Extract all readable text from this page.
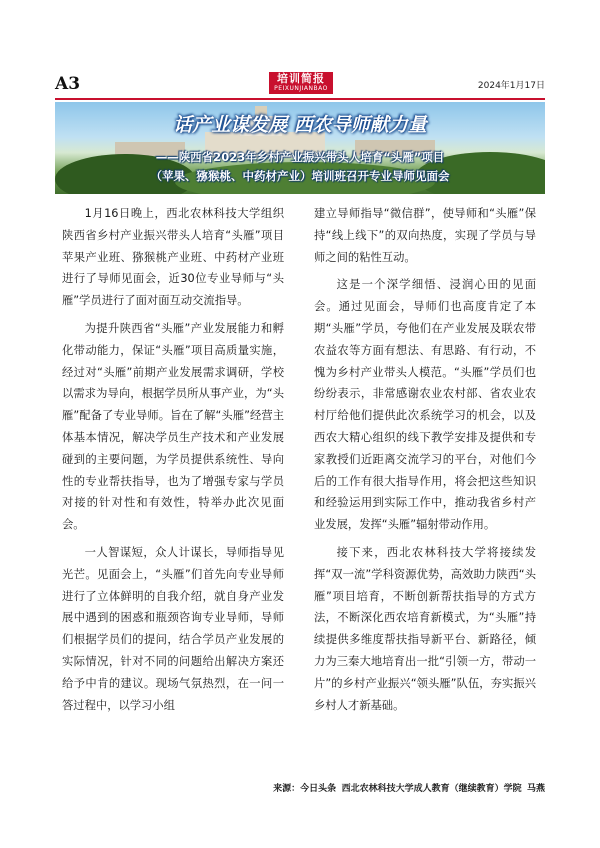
A3	培训简报
PEIXUNJIANBAO	2024年1月17日
话产业谋发展 西农导师献力量
——陕西省2023年乡村产业振兴带头人培育“头雁”项目
（苹果、猕猴桃、中药材产业）培训班召开专业导师见面会

1月16日晚上，西北农林科技大学组织陕西省乡村产业振兴带头人培育“头雁”项目苹果产业班、猕猴桃产业班、中药材产业班进行了导师见面会，近30位专业导师与“头雁”学员进行了面对面互动交流指导。

为提升陕西省“头雁”产业发展能力和孵化带动能力，保证“头雁”项目高质量实施，经过对“头雁”前期产业发展需求调研，学校以需求为导向，根据学员所从事产业，为“头雁”配备了专业导师。旨在了解“头雁”经营主体基本情况，解决学员生产技术和产业发展碰到的主要问题，为学员提供系统性、导向性的专业帮扶指导，也为了增强专家与学员对接的针对性和有效性，特举办此次见面会。

一人智谋短，众人计谋长，导师指导见光芒。见面会上，“头雁”们首先向专业导师进行了立体鲜明的自我介绍，就自身产业发展中遇到的困惑和瓶颈咨询专业导师，导师们根据学员们的提问，结合学员产业发展的实际情况，针对不同的问题给出解决方案还给予中肯的建议。现场气氛热烈，在一问一答过程中，以学习小组

建立导师指导“微信群”，使导师和“头雁”保持“线上线下”的双向热度，实现了学员与导师之间的粘性互动。

这是一个深学细悟、浸润心田的见面会。通过见面会，导师们也高度肯定了本期“头雁”学员，夸他们在产业发展及联农带农益农等方面有想法、有思路、有行动，不愧为乡村产业带头人模范。“头雁”学员们也纷纷表示，非常感谢农业农村部、省农业农村厅给他们提供此次系统学习的机会，以及西农大精心组织的线下教学安排及提供和专家教授们近距离交流学习的平台，对他们今后的工作有很大指导作用，将会把这些知识和经验运用到实际工作中，推动我省乡村产业发展，发挥“头雁”辐射带动作用。

接下来，西北农林科技大学将接续发挥“双一流”学科资源优势，高效助力陕西“头雁”项目培育，不断创新帮扶指导的方式方法，不断深化西农培育新模式，为“头雁”持续提供多维度帮扶指导新平台、新路径，倾力为三秦大地培育出一批“引领一方，带动一片”的乡村产业振兴“领头雁”队伍，夯实振兴乡村人才新基础。

来源：今日头条 西北农林科技大学成人教育（继续教育）学院 马燕
